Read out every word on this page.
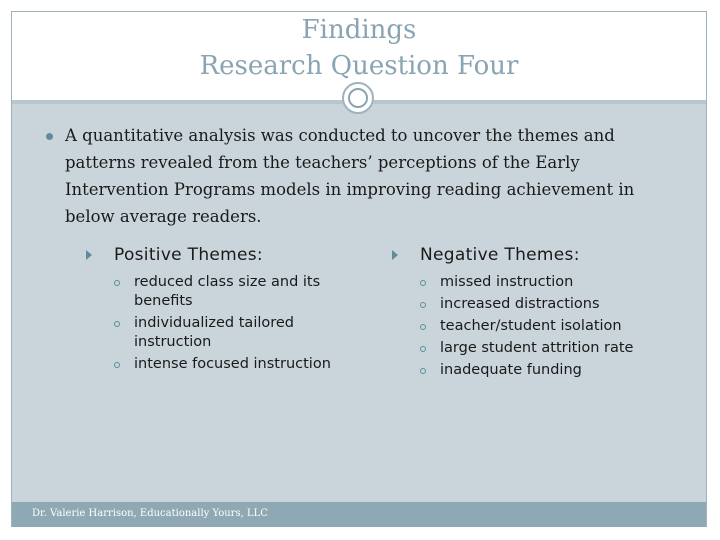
Findings
Research Question Four
A quantitative analysis was conducted to uncover the themes and patterns revealed from the teachers’ perceptions of the Early Intervention Programs models in improving reading achievement in below average readers.
Positive Themes:
reduced class size and its benefits
individualized tailored instruction
intense focused instruction
Negative Themes:
missed instruction
increased distractions
teacher/student isolation
large student attrition rate
inadequate funding
Dr. Valerie Harrison, Educationally Yours, LLC
